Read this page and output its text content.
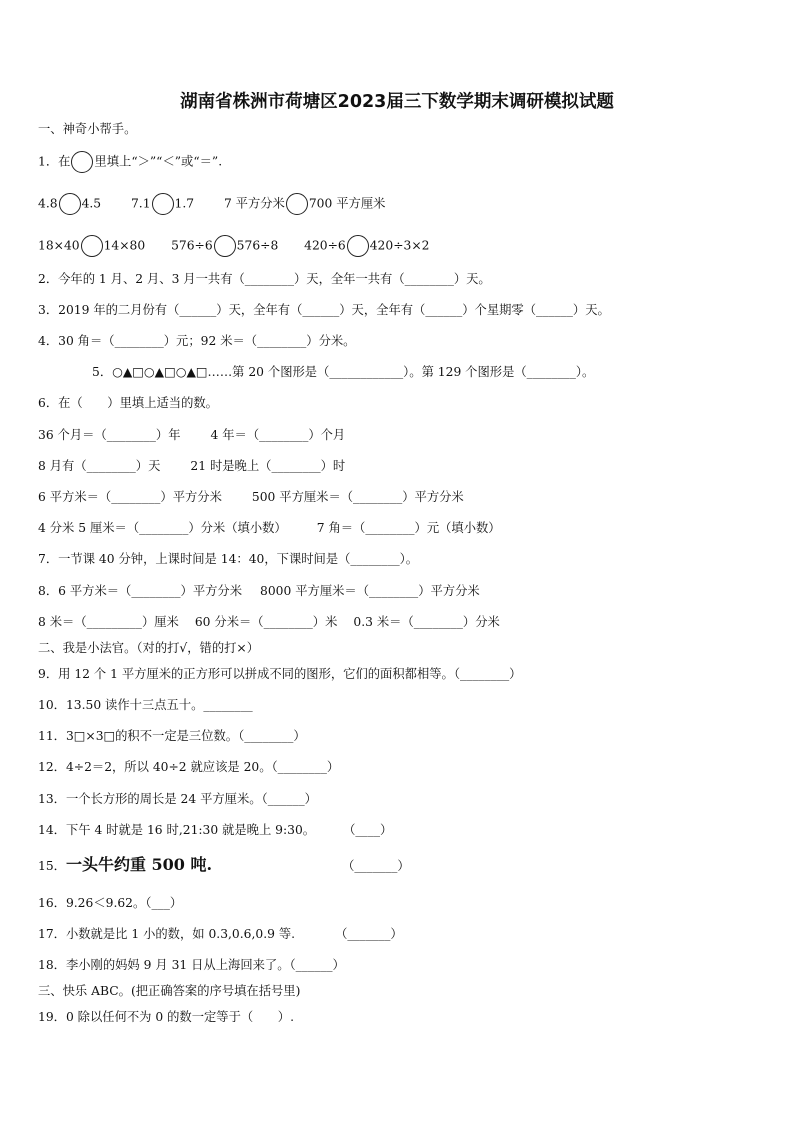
湖南省株洲市荷塘区2023届三下数学期末调研模拟试题
一、神奇小帮手。
1．在 里填上“＞”“＜”或“＝”.
4.8 4.5 7.1 1.7 7 平方分米 700 平方厘米
18×40 14×80 576÷6 576÷8 420÷6 420÷3×2
2．今年的 1 月、2 月、3 月一共有（________）天，全年一共有（________）天。
3．2019 年的二月份有（______）天，全年有（______）天，全年有（______）个星期零（______）天。
4．30 角＝（________）元；92 米＝（________）分米。
5．○▲□○▲□○▲□……第 20 个图形是（____________）。第 129 个图形是（________）。
6．在（　　）里填上适当的数。
36 个月＝（________）年 4 年＝（________）个月
8 月有（________）天 21 时是晚上（________）时
6 平方米＝（________）平方分米 500 平方厘米＝（________）平方分米
4 分米 5 厘米＝（________）分米（填小数） 7 角＝（________）元（填小数）
7．一节课 40 分钟，上课时间是 14：40，下课时间是（________）。
8．6 平方米＝（________）平方分米 8000 平方厘米＝（________）平方分米
8 米＝（_________）厘米 60 分米＝（________）米 0.3 米＝（________）分米
二、我是小法官。（对的打√，错的打×）
9．用 12 个 1 平方厘米的正方形可以拼成不同的图形，它们的面积都相等。（________）
10．13.50 读作十三点五十。________
11．3□×3□的积不一定是三位数。（________）
12．4÷2＝2，所以 40÷2 就应该是 20。（________）
13．一个长方形的周长是 24 平方厘米。（______）
14．下午 4 时就是 16 时,21:30 就是晚上 9:30。 （____）
15．一头牛约重 500 吨.	（_______）
16．9.26＜9.62。（___）
17．小数就是比 1 小的数，如 0.3,0.6,0.9 等.	（_______）
18．李小刚的妈妈 9 月 31 日从上海回来了。（______）
三、快乐 ABC。(把正确答案的序号填在括号里)
19．0 除以任何不为 0 的数一定等于（　　）.
